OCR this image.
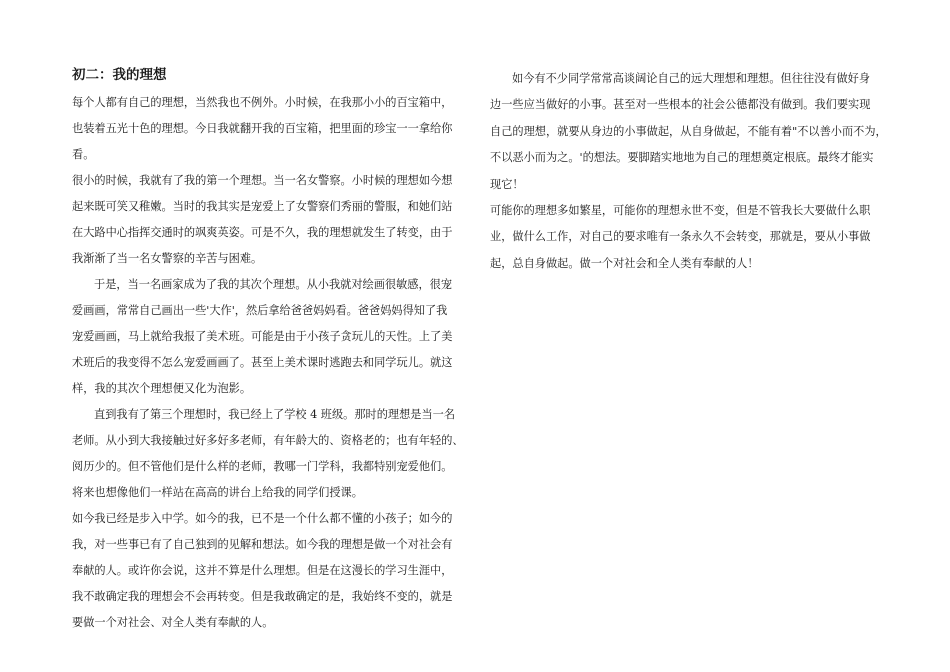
初二：我的理想
每个人都有自己的理想，当然我也不例外。小时候，在我那小小的百宝箱中，
也装着五光十色的理想。今日我就翻开我的百宝箱，把里面的珍宝一一拿给你
看。
很小的时候，我就有了我的第一个理想。当一名女警察。小时候的理想如今想
起来既可笑又稚嫩。当时的我其实是宠爱上了女警察们秀丽的警服，和她们站
在大路中心指挥交通时的飒爽英姿。可是不久，我的理想就发生了转变，由于
我渐渐了当一名女警察的辛苦与困难。
于是，当一名画家成为了我的其次个理想。从小我就对绘画很敏感，很宠
爱画画，常常自己画出一些'大作'，然后拿给爸爸妈妈看。爸爸妈妈得知了我
宠爱画画，马上就给我报了美术班。可能是由于小孩子贪玩儿的天性。上了美
术班后的我变得不怎么宠爱画画了。甚至上美术课时逃跑去和同学玩儿。就这
样，我的其次个理想便又化为泡影。
直到我有了第三个理想时，我已经上了学校 4 班级。那时的理想是当一名
老师。从小到大我接触过好多好多老师，有年龄大的、资格老的；也有年轻的、
阅历少的。但不管他们是什么样的老师，教哪一门学科，我都特别宠爱他们。
将来也想像他们一样站在高高的讲台上给我的同学们授课。
如今我已经是步入中学。如今的我，已不是一个什么都不懂的小孩子；如今的
我，对一些事已有了自己独到的见解和想法。如今我的理想是做一个对社会有
奉献的人。或许你会说，这并不算是什么理想。但是在这漫长的学习生涯中，
我不敢确定我的理想会不会再转变。但是我敢确定的是，我始终不变的，就是
要做一个对社会、对全人类有奉献的人。
如今有不少同学常常高谈阔论自己的远大理想和理想。但往往没有做好身
边一些应当做好的小事。甚至对一些根本的社会公德都没有做到。我们要实现
自己的理想，就要从身边的小事做起，从自身做起，不能有着"不以善小而不为，
不以恶小而为之。'的想法。要脚踏实地地为自己的理想奠定根底。最终才能实
现它！
可能你的理想多如繁星，可能你的理想永世不变，但是不管我长大要做什么职
业，做什么工作，对自己的要求唯有一条永久不会转变，那就是，要从小事做
起，总自身做起。做一个对社会和全人类有奉献的人！
